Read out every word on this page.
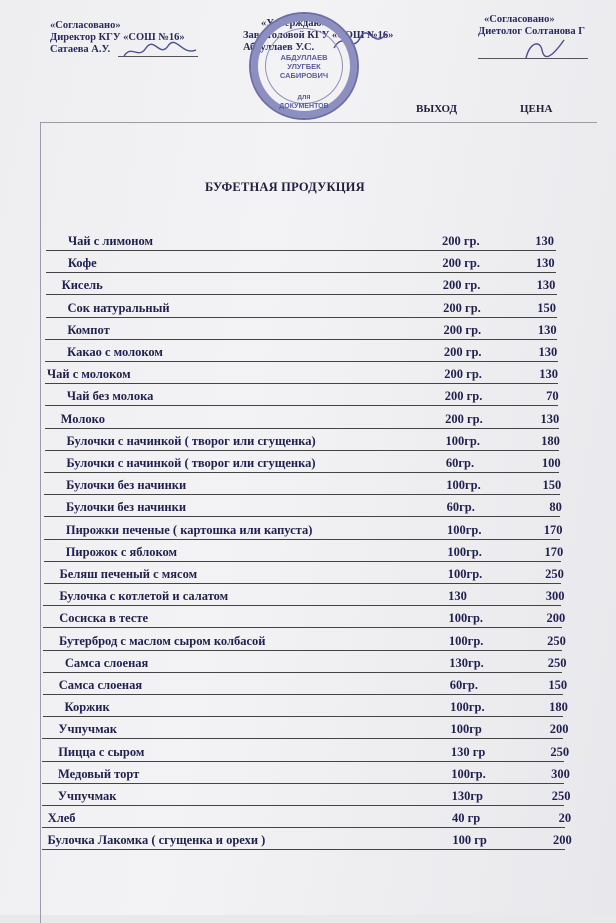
«Согласовано»
Директор КГУ «СОШ №16»
Сатаева А.У.
«Утверждаю»
Зав.столовой КГУ «СОШ №16»
Абдуллаев У.С.
АБДУЛЛАЕВ
УЛУГБЕК
САБИРОВИЧ
для
ДОКУМЕНТОВ
«Согласовано»
Диетолог Солтанова Г
ВЫХОД	ЦЕНА
БУФЕТНАЯ ПРОДУКЦИЯ
Чай с лимоном	200 гр.	130
Кофе	200 гр.	130
Кисель	200 гр.	130
Сок натуральный	200 гр.	150
Компот	200 гр.	130
Какао с молоком	200 гр.	130
Чай с молоком	200 гр.	130
Чай без молока	200 гр.	70
Молоко	200 гр.	130
Булочки с начинкой ( творог или сгущенка)	100гр.	180
Булочки с начинкой ( творог или сгущенка)	60гр.	100
Булочки без начинки	100гр.	150
Булочки без начинки	60гр.	80
Пирожки печеные ( картошка или капуста)	100гр.	170
Пирожок с яблоком	100гр.	170
Беляш печеный с мясом	100гр.	250
Булочка с котлетой и салатом	130	300
Сосиска в тесте	100гр.	200
Бутерброд с маслом сыром колбасой	100гр.	250
Самса слоеная	130гр.	250
Самса слоеная	60гр.	150
Коржик	100гр.	180
Учпучмак	100гр	200
Пицца с сыром	130 гр	250
Медовый торт	100гр.	300
Учпучмак	130гр	250
Хлеб	40 гр	20
Булочка Лакомка ( сгущенка и орехи )	100 гр	200
